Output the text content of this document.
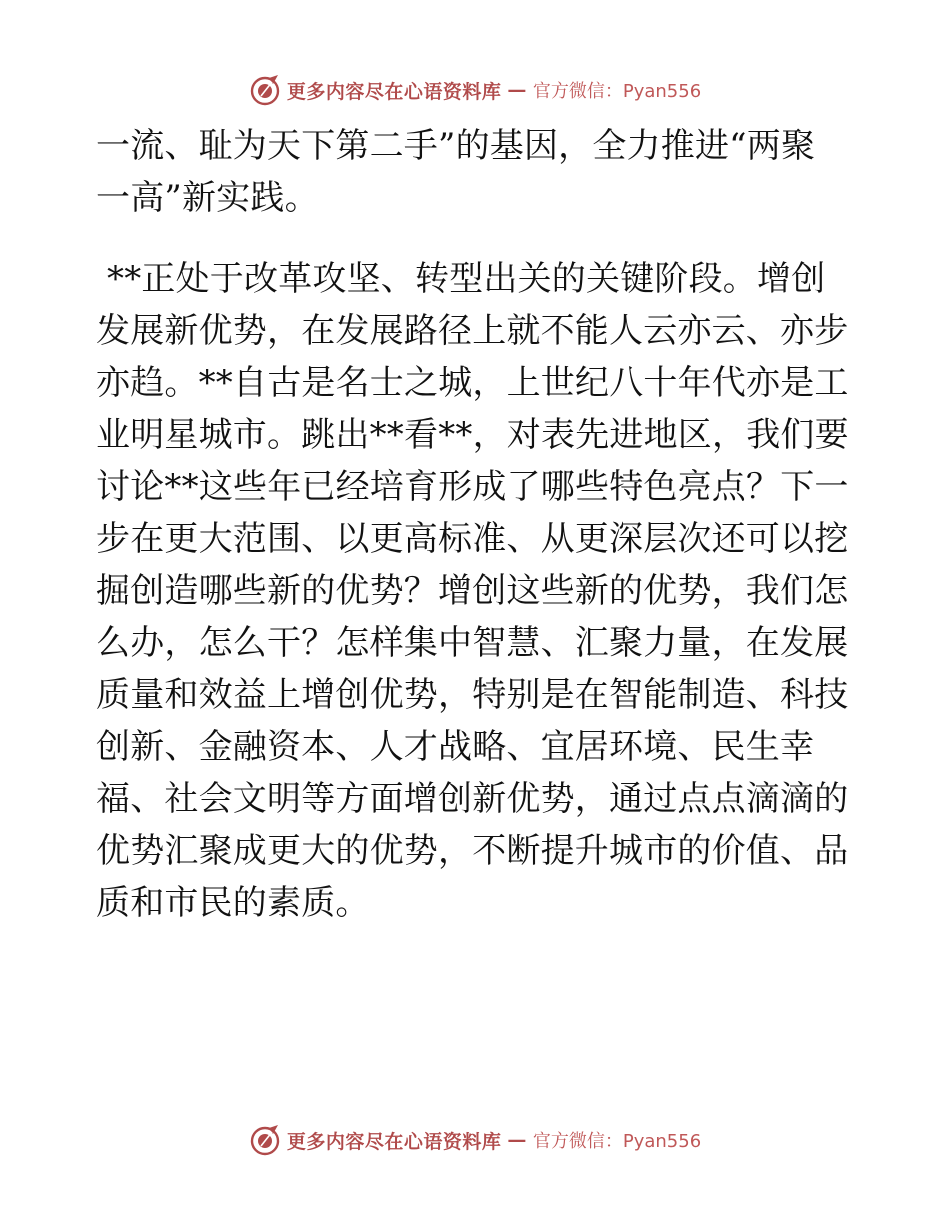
更多内容尽在心语资料库 — 官方微信：Pyan556
一流、耻为天下第二手”的基因，全力推进“两聚
一高”新实践。
**正处于改革攻坚、转型出关的关键阶段。增创
发展新优势，在发展路径上就不能人云亦云、亦步
亦趋。**自古是名士之城，上世纪八十年代亦是工
业明星城市。跳出**看**，对表先进地区，我们要
讨论**这些年已经培育形成了哪些特色亮点？下一
步在更大范围、以更高标准、从更深层次还可以挖
掘创造哪些新的优势？增创这些新的优势，我们怎
么办，怎么干？怎样集中智慧、汇聚力量，在发展
质量和效益上增创优势，特别是在智能制造、科技
创新、金融资本、人才战略、宜居环境、民生幸
福、社会文明等方面增创新优势，通过点点滴滴的
优势汇聚成更大的优势，不断提升城市的价值、品
质和市民的素质。
更多内容尽在心语资料库 — 官方微信：Pyan556
